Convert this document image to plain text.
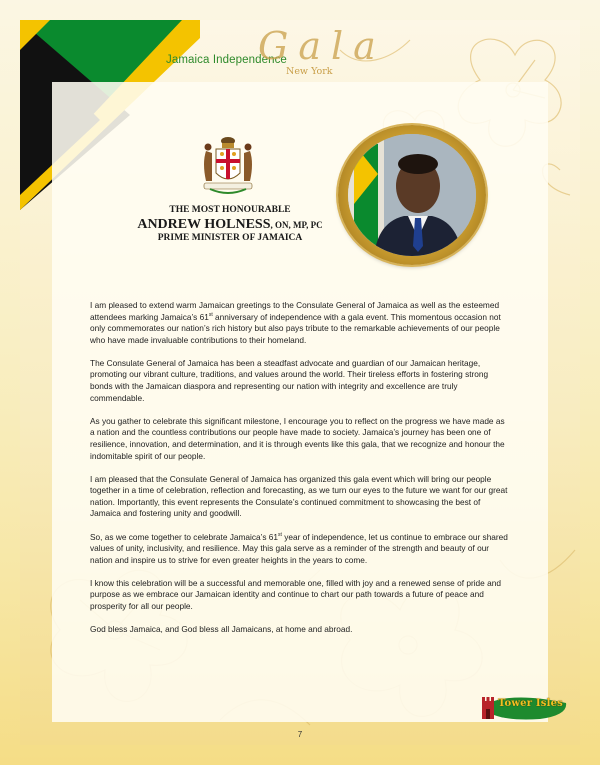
Jamaica Independence
Gala
New York
THE MOST HONOURABLE
ANDREW HOLNESS, ON, MP, PC
PRIME MINISTER OF JAMAICA

I am pleased to extend warm Jamaican greetings to the Consulate General of Jamaica as well as the esteemed attendees marking Jamaica’s 61st anniversary of independence with a gala event. This momentous occasion not only commemorates our nation’s rich history but also pays tribute to the remarkable achievements of our people who have made invaluable contributions to their homeland.

The Consulate General of Jamaica has been a steadfast advocate and guardian of our Jamaican heritage, promoting our vibrant culture, traditions, and values around the world. Their tireless efforts in fostering strong bonds with the Jamaican diaspora and representing our nation with integrity and excellence are truly commendable.

As you gather to celebrate this significant milestone, I encourage you to reflect on the progress we have made as a nation and the countless contributions our people have made to society. Jamaica’s journey has been one of resilience, innovation, and determination, and it is through events like this gala, that we recognize and honour the indomitable spirit of our people.

I am pleased that the Consulate General of Jamaica has organized this gala event which will bring our people together in a time of celebration, reflection and forecasting, as we turn our eyes to the future we want for our great nation. Importantly, this event represents the Consulate’s continued commitment to showcasing the best of Jamaica and fostering unity and goodwill.

So, as we come together to celebrate Jamaica’s 61st year of independence, let us continue to embrace our shared values of unity, inclusivity, and resilience. May this gala serve as a reminder of the strength and beauty of our nation and inspire us to strive for even greater heights in the years to come.

I know this celebration will be a successful and memorable one, filled with joy and a renewed sense of pride and purpose as we embrace our Jamaican identity and continue to chart our path towards a future of peace and prosperity for all our people.

God bless Jamaica, and God bless all Jamaicans, at home and abroad.

Tower Isles
7
